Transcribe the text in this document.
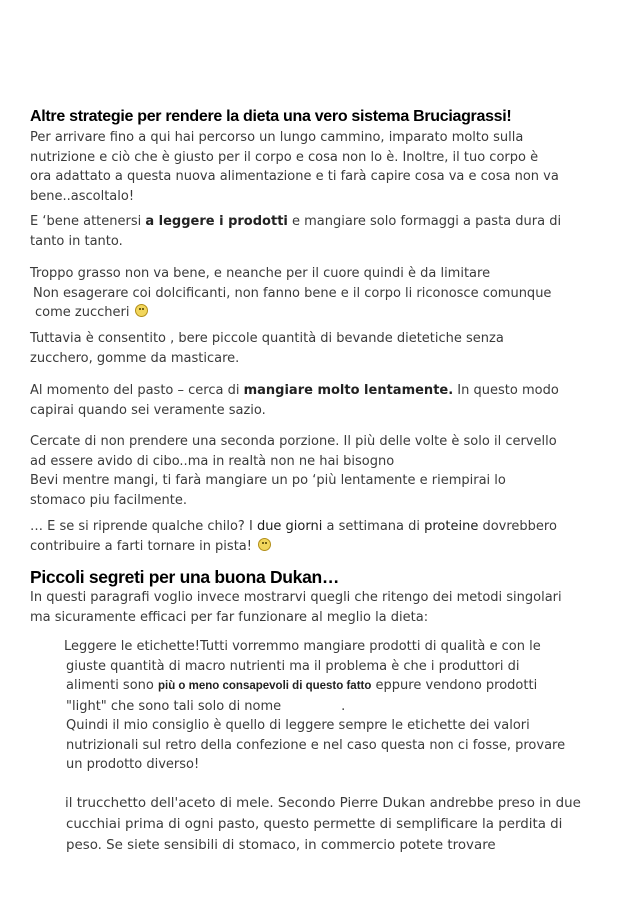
Altre strategie per rendere la dieta una vero sistema Bruciagrassi!
Per arrivare fino a qui hai percorso un lungo cammino, imparato molto sulla
nutrizione e ciò che è giusto per il corpo e cosa non lo è. Inoltre, il tuo corpo è
ora adattato a questa nuova alimentazione e ti farà capire cosa va e cosa non va
bene..ascoltalo!
E ‘bene attenersi a leggere i prodotti e mangiare solo formaggi a pasta dura di
tanto in tanto.
Troppo grasso non va bene, e neanche per il cuore quindi è da limitare
Non esagerare coi dolcificanti, non fanno bene e il corpo li riconosce comunque
come zuccheri
Tuttavia è consentito , bere piccole quantità di bevande dietetiche senza
zucchero, gomme da masticare.
Al momento del pasto – cerca di mangiare molto lentamente. In questo modo
capirai quando sei veramente sazio.
Cercate di non prendere una seconda porzione. Il più delle volte è solo il cervello
ad essere avido di cibo..ma in realtà non ne hai bisogno
Bevi mentre mangi, ti farà mangiare un po ‘più lentamente e riempirai lo
stomaco piu facilmente.
… E se si riprende qualche chilo? I due giorni a settimana di proteine dovrebbero
contribuire a farti tornare in pista!
Piccoli segreti per una buona Dukan…
In questi paragrafi voglio invece mostrarvi quegli che ritengo dei metodi singolari
ma sicuramente efficaci per far funzionare al meglio la dieta:
Leggere le etichette!Tutti vorremmo mangiare prodotti di qualità e con le
giuste quantità di macro nutrienti ma il problema è che i produttori di
alimenti sono più o meno consapevoli di questo fatto eppure vendono prodotti
"light" che sono tali solo di nome	.
Quindi il mio consiglio è quello di leggere sempre le etichette dei valori
nutrizionali sul retro della confezione e nel caso questa non ci fosse, provare
un prodotto diverso!
il trucchetto dell'aceto di mele. Secondo Pierre Dukan andrebbe preso in due
cucchiai prima di ogni pasto, questo permette di semplificare la perdita di
peso. Se siete sensibili di stomaco, in commercio potete trovare
